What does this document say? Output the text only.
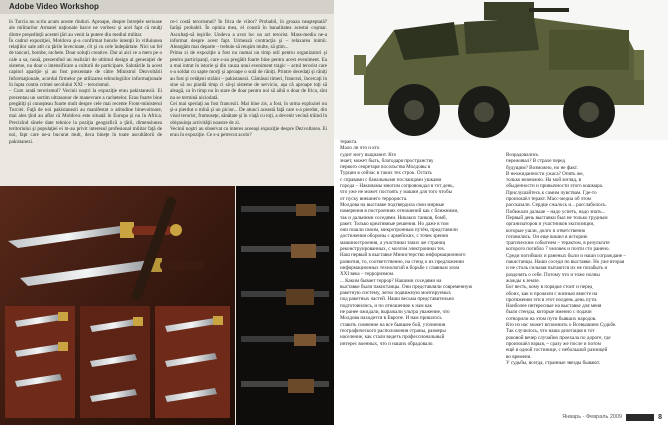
Adobe Video Workshop
în Turcia nu scriu acum aceste rînduri. Aproape, despre întreţele serioase ale militarilor Armatei naţionale barce ne vorbesc și acel fapt că mulţi dintre preşedinţii acestei ţări au venit la putere din mediul militar.
În cadrul expoziţiei, Moldova şi-a confirmat buncle intenţii în vitluiunea relaţiilor sale atît cu ţările învecinate, cît şi cu cele îndepărtate. Nici un fel de tancuri, bombe, rachete. Doar soluţii creative. Dar ai aici ce a mers pe o cale a sa, nouă, prezentînd un realizări de ultimul design al generaţiei de sisteme, nu doar o intensificare a culturii de participare. Salutările la acest capitol apariţie şi au fost prezentate de către Ministrul Dezvoltării Informaţionale, acordul firmelor pe utilizarea tehnologiilor informaţionale în lupta contra crimei secolului XXI – terorismul.
– Cum arată terorismul? Vecinii noştri la expoziţie erau pakistanezii. Ei prezentau un sortim ultrasonor de manevrare a rachetelor. Erau foarte bine pregătiţi şi cunoşteau foarte mult despre cele mai recente Front-ministerul Turciei. Faţă de noi pakistanezii au manifestat o atitudine binevoitoare, mai ales ţînd au aflat că Moldova este situată în Europa şi nu în Africa. Precizînd sînele date tehnice la poziţia geografică a ţării, dimensiunea teritoriului şi populaţiei ei m-au privit interesul profesional militar faţă de noi, fapt care ne-a bucurat mult, deca bineţe în toate ascultătorii de pakistanezi.
ce-i costă terorismul? În frica de viitor? Probabil, în groaza neaşteptată? Iarăşi probabil. În opinia mea, el constă în banalitatea acestui coşmar. Ascultaţi-să ieşirile. Undeva a avut loc un act terorist. Mass-media ne-a informat despre acest fapt. Urmează contracţia şi – relaxarea inimii. Aleargăm mai departe – trebuie să reuşim multe, să ştim...
Prima zi de expoziţie a fost nu numai un timp util pentru organizatori şi pentru participanţi, care s-au pregătit foarte bine pentru acest eveniment. Ea a mai intrat în istorie şi din cauza unui eveniment tragic – actul terorist care s-a soldat cu sapte morţi şi aproape o sută de răniţi. Printre decedaţi şi răniţi au fost şi cetăţeni străini – pakistanezi. Cămăsui timeri, francezi, încercaţi în sine să nu piardă timp ci să-şi sisteme de serviciu, aşa că aproape toţi să aleagă, ca în timp nu în stare de doar pentru noi să aibă o doar de frica, sînt nu se termină niciodată.
Cei mai speriaţi au fost francezii. Mai bine zis, a fost, în urma exploziei nu şi-a pierdut o mînă şi un picior... De atunci această faţă care s-a pierdut, din visul terorist, frumuseţe, sănătate şi în viaţă cu toţi, a devenit vecină trăind în obişnuinţa activităţii noastre de zi.
Vecinii noştri au observat cu interes aceeaşi expoziţie despre Dezvoltarea. Ei erau în expoziţie. Ce s-a petrecut acolo?
теракта.
Мало ли что и кто
судит могу выцианит. Кто
знает, может быть, благодаря пространству
первого секретаря посольства Молдовы в
Турции в сейчас в таких тех строк. Остать
с справами с банальными посланцами ушками
города – Накинамы многим сопровождал в тот день,
что уже не может постоять у машин для того чтобы
от пуску внешнего террориста.
Молдова на выставке подтвердила свои мирные
намерения в построениях отношений как с ближними,
так и дальними соседями. Никаких танков, бомб,
ракет. Только креативные решения. Но даже в том
они пошли своим, микротронным путём, представили
достижения обороны с армейских, с точек зрения
машиностроения, а участники таких же страниц
реконструированных, с мозгом электроники тех.
Наш первый в выставке Министерство информационного
развития, то, соответственно, на стенд о их предложении
информационных технологий в борьбе с главным злом
XXI века – терроризмом.
... Каким бывает террор? Нашими соседями на
выставке были пакистанцы. Они представляли современную
ракетную систему, легко подвижную монтируемых
под ракетных частей. Наши весьма представительно
подготовились, и по отношению к нам как
не ранее ожидали, выражали ультра уважение, что
Молдова находится в Европе. И нам пришлось
ставить сомнение на все бывшее бой, уточнения
географического расположения страны, размеры
население, как стали видеть профессиональный
интерес военных, что и наших обрадовало.
Возрадовались
переживал? В страхе перед
будущим? Возможно, но не факт.
В неожиданности ужаса? Опять же,
только возможно. На мой взгляд, в
обыденности и привычности этого кошмара.
Прислушайтесь к самим чувствам. Где-то
произошёл теракт. Масс-медиа об этом
рассказали. Сердце сжалось и... расслабилось.
Побежали дальше – надо успеть, надо знать...
Первый день выставки был не только трудным
организаторов и участников экспозиции,
которые ушли, долго и ответственно
готовились. Он еще вошел в историю
трагическим событием – терактом, в результате
которого погибло 7 человек и почти сто ранено.
Среди погибших и раненых были и наши сограждане –
пакистанцы. Наши соседи по выставке. Но уже вторая
и не столь сильная пытаются их не позабыть и
разделять о себе. Потому что и тоже полны
жажды к земле.
Бог весть, кому в порядке стоит и перед
обоих, как и прожили с жизнью вместе на
протяжении эти в этот полдень день пути.
Наиболее интересные на выставке для меня
были стенды, которые именно с подачи
сотворили на этом пути бывших народов.
Кто из нас может вспомнить о Всевышнем Судьбе.
Так случилось, что наша делегация в тот
роковой вечер случайно проехала по дороге, где
произошёл взрыв, – сразу же после и потом
ещё в одной гостинице, с небольшой разницей
во времени.
У судьбы, всегда, странные звезды бывают.
Январь - Февраль 2009	8
